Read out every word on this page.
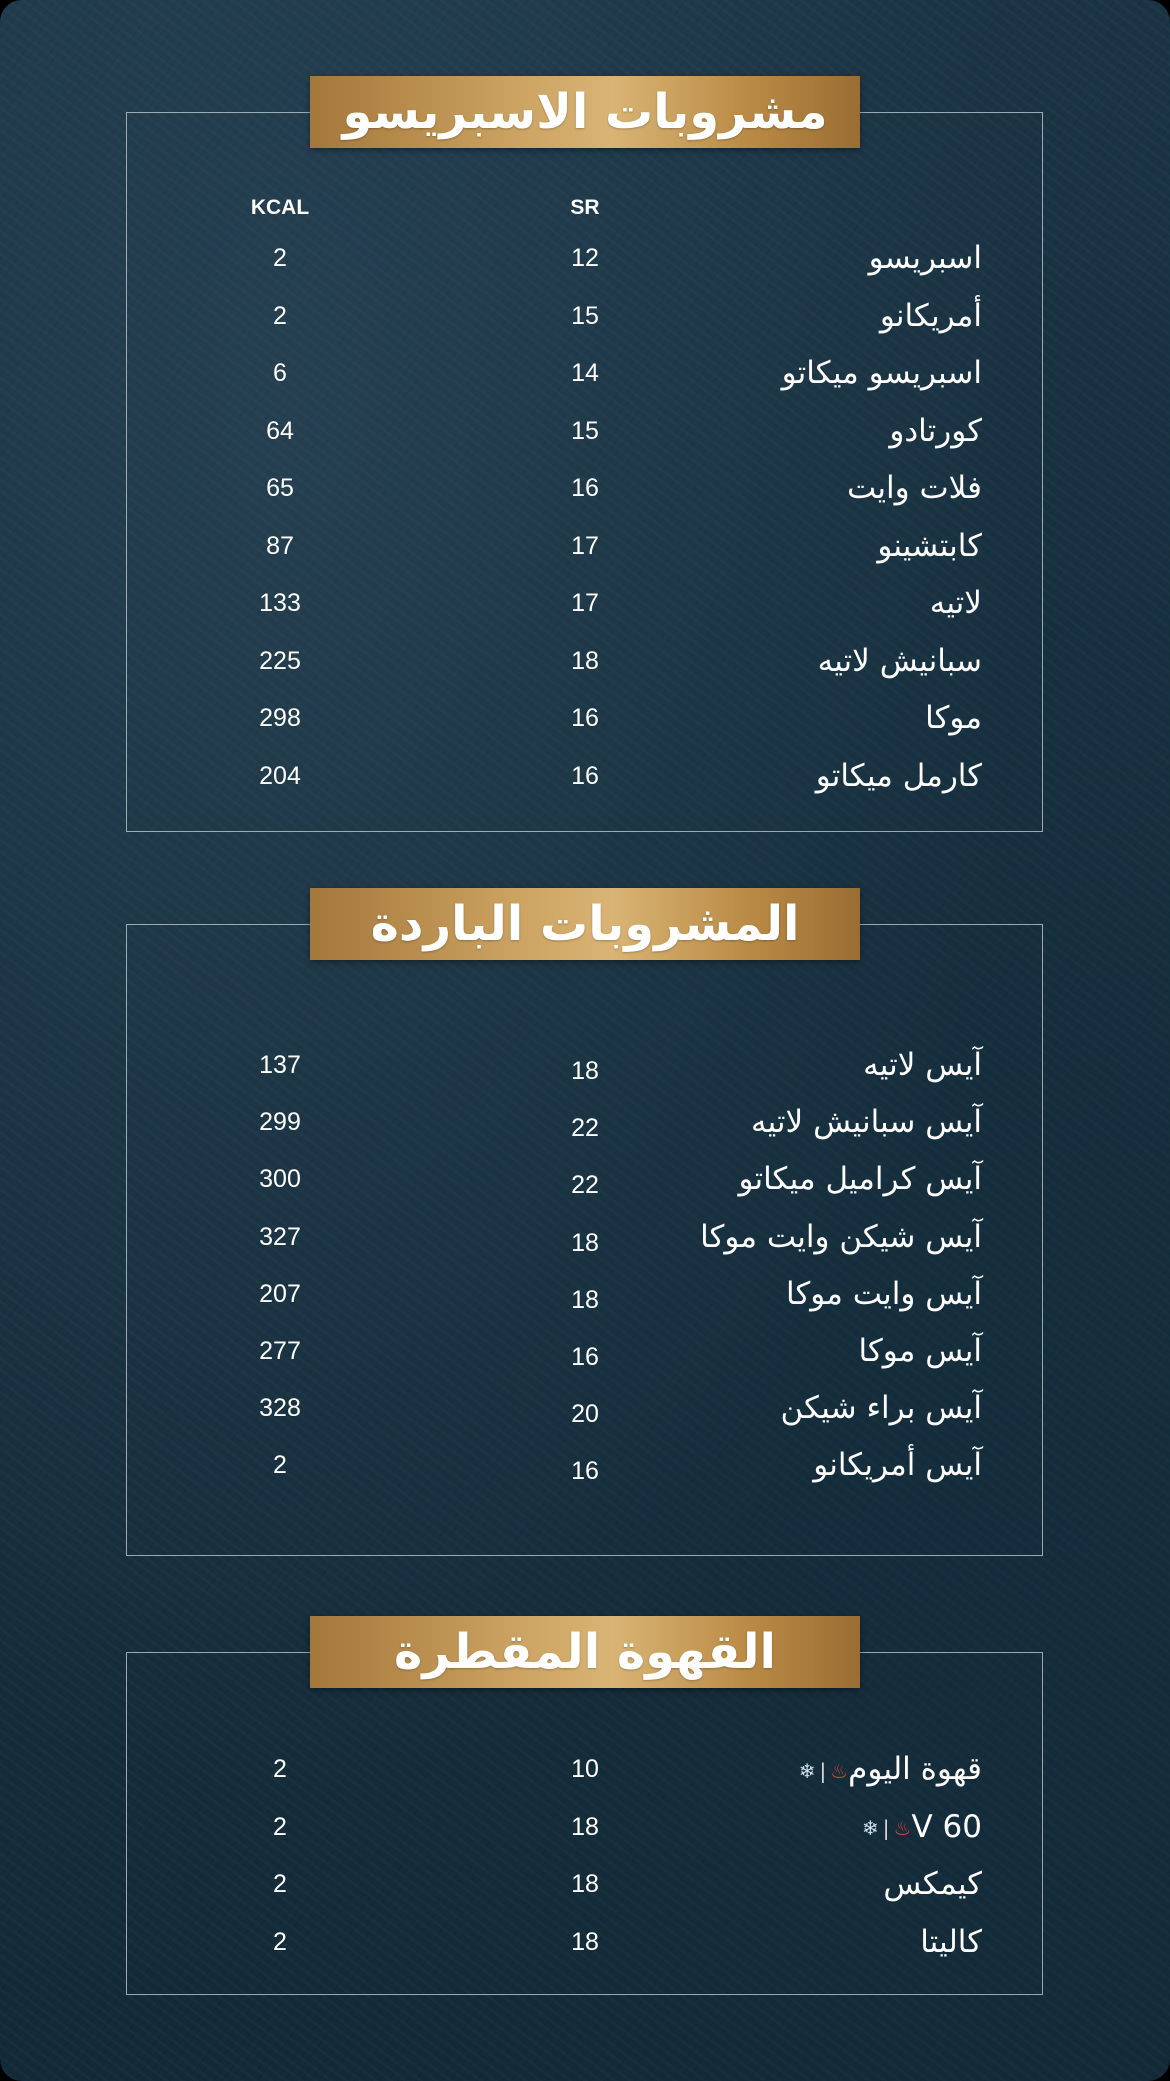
مشروبات الاسبريسو
KCAL	SR
اسبريسو
12
2
أمريكانو
15
2
اسبريسو ميكاتو
14
6
كورتادو
15
64
فلات وايت
16
65
كابتشينو
17
87
لاتيه
17
133
سبانيش لاتيه
18
225
موكا
16
298
كارمل ميكاتو
16
204
المشروبات الباردة
آيس لاتيه
18
137
آيس سبانيش لاتيه
22
299
آيس كراميل ميكاتو
22
300
آيس شيكن وايت موكا
18
327
آيس وايت موكا
18
207
آيس موكا
16
277
آيس براء شيكن
20
328
آيس أمريكانو
16
2
القهوة المقطرة
قهوة اليوم❄ | ♨
10
2
V 60❄ | ♨
18
2
كيمكس
18
2
كاليتا
18
2
